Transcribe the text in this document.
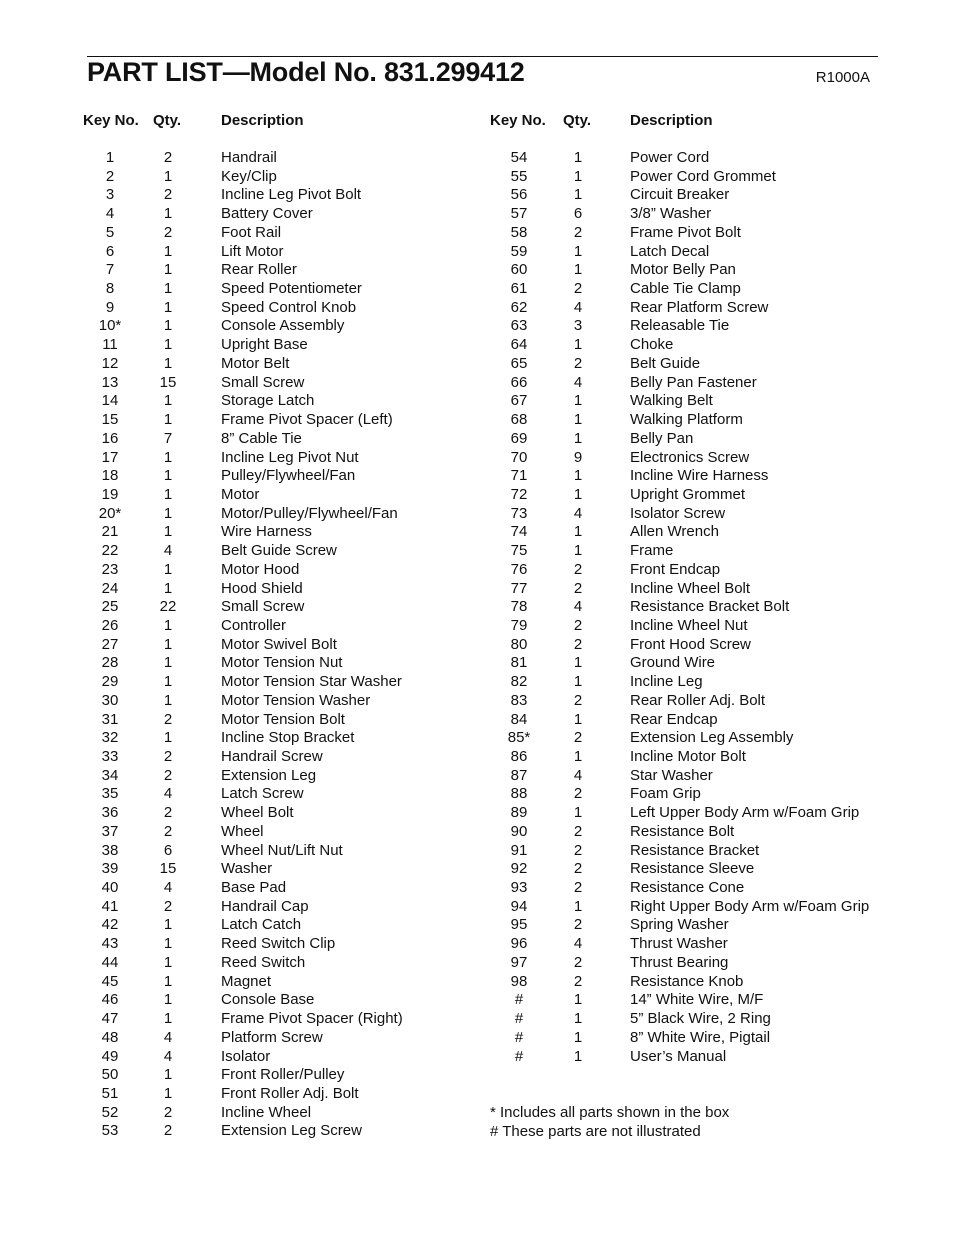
PART LIST—Model No. 831.299412	R1000A
Key No. Qty.	Description
1	2	Handrail
2	1	Key/Clip
3	2	Incline Leg Pivot Bolt
4	1	Battery Cover
5	2	Foot Rail
6	1	Lift Motor
7	1	Rear Roller
8	1	Speed Potentiometer
9	1	Speed Control Knob
10*	1	Console Assembly
11	1	Upright Base
12	1	Motor Belt
13	15	Small Screw
14	1	Storage Latch
15	1	Frame Pivot Spacer (Left)
16	7	8” Cable Tie
17	1	Incline Leg Pivot Nut
18	1	Pulley/Flywheel/Fan
19	1	Motor
20*	1	Motor/Pulley/Flywheel/Fan
21	1	Wire Harness
22	4	Belt Guide Screw
23	1	Motor Hood
24	1	Hood Shield
25	22	Small Screw
26	1	Controller
27	1	Motor Swivel Bolt
28	1	Motor Tension Nut
29	1	Motor Tension Star Washer
30	1	Motor Tension Washer
31	2	Motor Tension Bolt
32	1	Incline Stop Bracket
33	2	Handrail Screw
34	2	Extension Leg
35	4	Latch Screw
36	2	Wheel Bolt
37	2	Wheel
38	6	Wheel Nut/Lift Nut
39	15	Washer
40	4	Base Pad
41	2	Handrail Cap
42	1	Latch Catch
43	1	Reed Switch Clip
44	1	Reed Switch
45	1	Magnet
46	1	Console Base
47	1	Frame Pivot Spacer (Right)
48	4	Platform Screw
49	4	Isolator
50	1	Front Roller/Pulley
51	1	Front Roller Adj. Bolt
52	2	Incline Wheel
53	2	Extension Leg Screw
Key No. Qty.	Description
54	1	Power Cord
55	1	Power Cord Grommet
56	1	Circuit Breaker
57	6	3/8” Washer
58	2	Frame Pivot Bolt
59	1	Latch Decal
60	1	Motor Belly Pan
61	2	Cable Tie Clamp
62	4	Rear Platform Screw
63	3	Releasable Tie
64	1	Choke
65	2	Belt Guide
66	4	Belly Pan Fastener
67	1	Walking Belt
68	1	Walking Platform
69	1	Belly Pan
70	9	Electronics Screw
71	1	Incline Wire Harness
72	1	Upright Grommet
73	4	Isolator Screw
74	1	Allen Wrench
75	1	Frame
76	2	Front Endcap
77	2	Incline Wheel Bolt
78	4	Resistance Bracket Bolt
79	2	Incline Wheel Nut
80	2	Front Hood Screw
81	1	Ground Wire
82	1	Incline Leg
83	2	Rear Roller Adj. Bolt
84	1	Rear Endcap
85*	2	Extension Leg Assembly
86	1	Incline Motor Bolt
87	4	Star Washer
88	2	Foam Grip
89	1	Left Upper Body Arm w/Foam Grip
90	2	Resistance Bolt
91	2	Resistance Bracket
92	2	Resistance Sleeve
93	2	Resistance Cone
94	1	Right Upper Body Arm w/Foam Grip
95	2	Spring Washer
96	4	Thrust Washer
97	2	Thrust Bearing
98	2	Resistance Knob
#	1	14” White Wire, M/F
#	1	5” Black Wire, 2 Ring
#	1	8” White Wire, Pigtail
#	1	User’s Manual
* Includes all parts shown in the box
# These parts are not illustrated
